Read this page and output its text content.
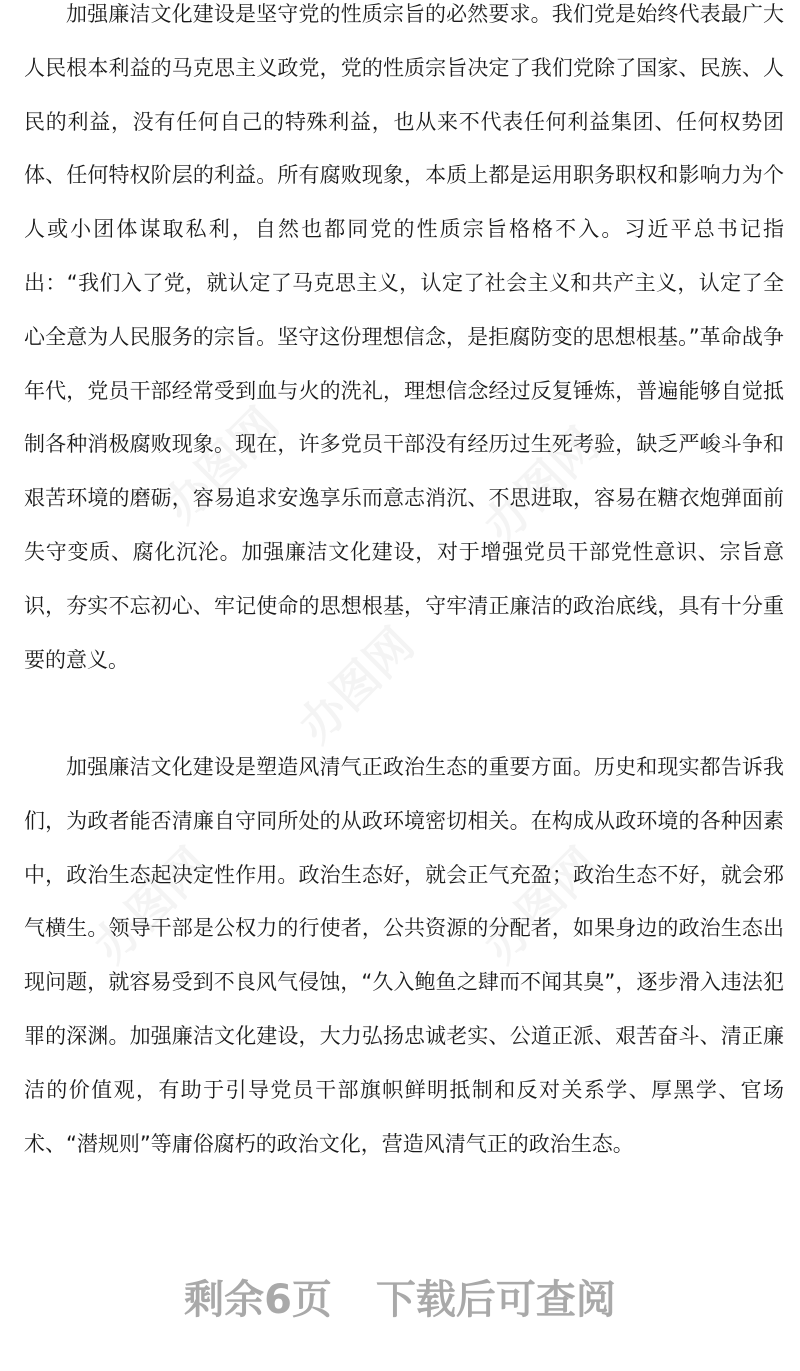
办图网	办图网
办图网
办图网	办图网

加强廉洁文化建设是坚守党的性质宗旨的必然要求。我们党是始终代表最广大人民根本利益的马克思主义政党，党的性质宗旨决定了我们党除了国家、民族、人民的利益，没有任何自己的特殊利益，也从来不代表任何利益集团、任何权势团体、任何特权阶层的利益。所有腐败现象，本质上都是运用职务职权和影响力为个人或小团体谋取私利，自然也都同党的性质宗旨格格不入。习近平总书记指出：“我们入了党，就认定了马克思主义，认定了社会主义和共产主义，认定了全心全意为人民服务的宗旨。坚守这份理想信念，是拒腐防变的思想根基。”革命战争年代，党员干部经常受到血与火的洗礼，理想信念经过反复锤炼，普遍能够自觉抵制各种消极腐败现象。现在，许多党员干部没有经历过生死考验，缺乏严峻斗争和艰苦环境的磨砺，容易追求安逸享乐而意志消沉、不思进取，容易在糖衣炮弹面前失守变质、腐化沉沦。加强廉洁文化建设，对于增强党员干部党性意识、宗旨意识，夯实不忘初心、牢记使命的思想根基，守牢清正廉洁的政治底线，具有十分重要的意义。

加强廉洁文化建设是塑造风清气正政治生态的重要方面。历史和现实都告诉我们，为政者能否清廉自守同所处的从政环境密切相关。在构成从政环境的各种因素中，政治生态起决定性作用。政治生态好，就会正气充盈；政治生态不好，就会邪气横生。领导干部是公权力的行使者，公共资源的分配者，如果身边的政治生态出现问题，就容易受到不良风气侵蚀，“久入鲍鱼之肆而不闻其臭”，逐步滑入违法犯罪的深渊。加强廉洁文化建设，大力弘扬忠诚老实、公道正派、艰苦奋斗、清正廉洁的价值观，有助于引导党员干部旗帜鲜明抵制和反对关系学、厚黑学、官场术、“潜规则”等庸俗腐朽的政治文化，营造风清气正的政治生态。

剩余6页 下载后可查阅
